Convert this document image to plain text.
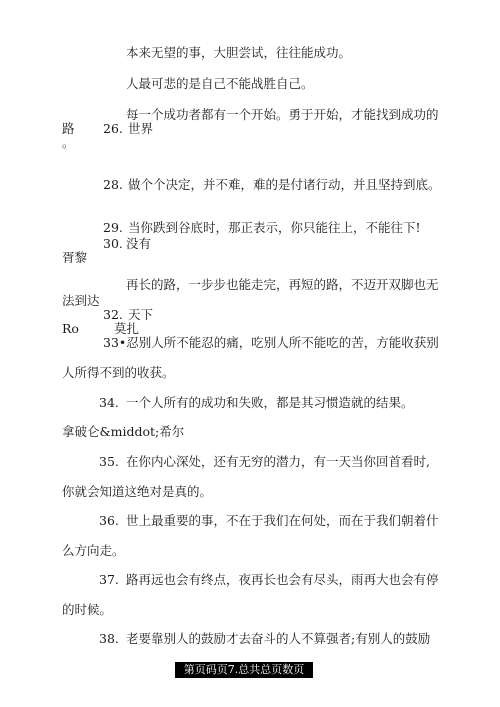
本来无望的事，大胆尝试，往往能成功。
人最可悲的是自己不能战胜自己。
每一个成功者都有一个开始。勇于开始，才能找到成功的
路 26. 世界
。
28. 做个个决定，并不难，难的是付诸行动，并且坚持到底。
29. 当你跌到谷底时，那正表示，你只能往上，不能往下!
30. 没有
胥黎
再长的路，一步步也能走完，再短的路，不迈开双脚也无
法到达
32. 天下
Ro	莫扎
33•忍别人所不能忍的痛，吃别人所不能吃的苦，方能收获别
人所得不到的收获。
34. 一个人所有的成功和失败，都是其习惯造就的结果。
拿破仑&middot;希尔
35. 在你内心深处，还有无穷的潜力，有一天当你回首看时,
你就会知道这绝对是真的。
36. 世上最重要的事，不在于我们在何处，而在于我们朝着什
么方向走。
37. 路再远也会有终点，夜再长也会有尽头，雨再大也会有停
的时候。
38. 老要靠别人的鼓励才去奋斗的人不算强者;有别人的鼓励
第页码页7.总共总页数页
